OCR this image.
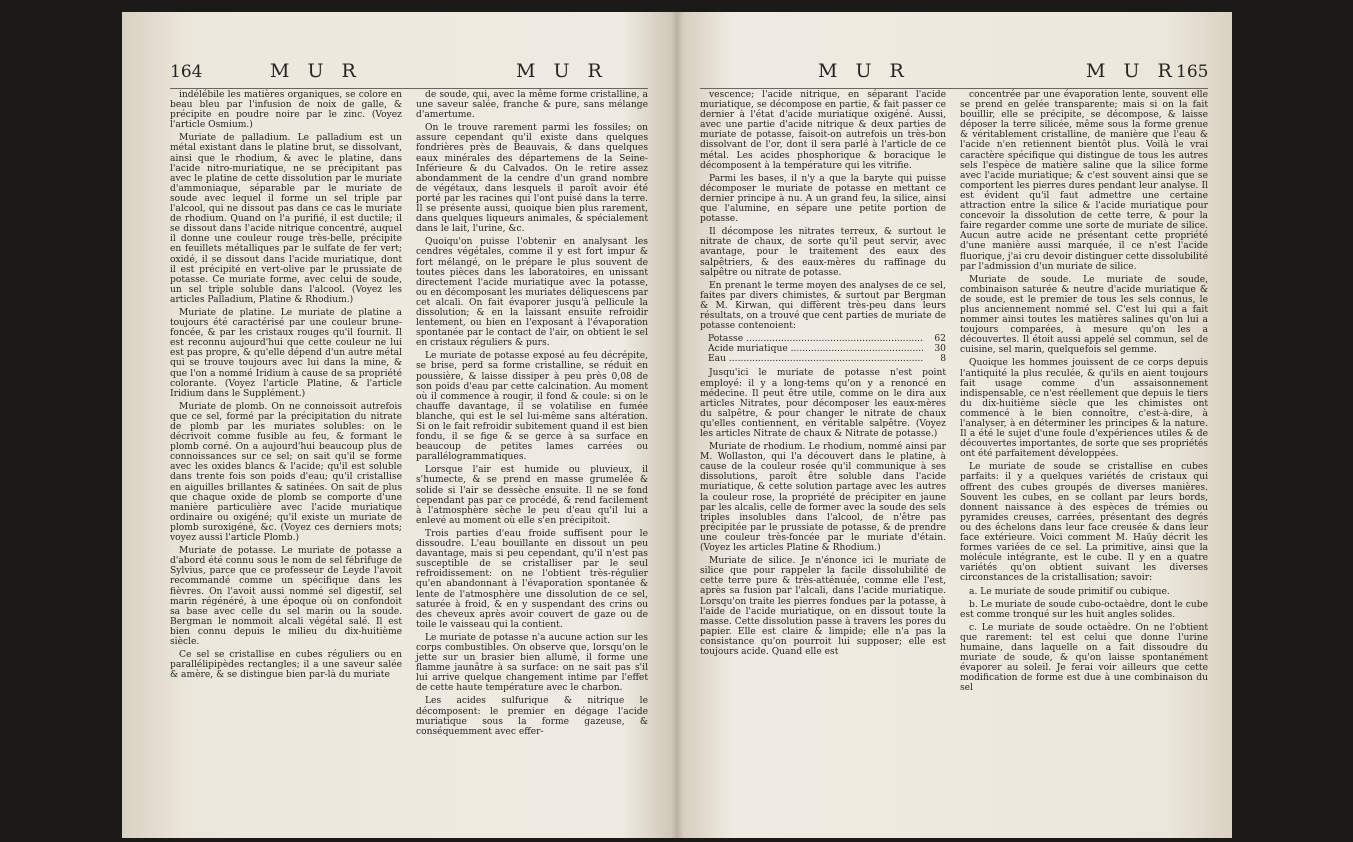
164	M U R	M U R

indélébile les matières organiques, se colore en beau bleu par l'infusion de noix de galle, & précipite en poudre noire par le zinc. (Voyez l'article Osmium.)

Muriate de palladium. Le palladium est un métal existant dans le platine brut, se dissolvant, ainsi que le rhodium, & avec le platine, dans l'acide nitro-muriatique, ne se précipitant pas avec le platine de cette dissolution par le muriate d'ammoniaque, séparable par le muriate de soude avec lequel il forme un sel triple par l'alcool, qui ne dissout pas dans ce cas le muriate de rhodium. Quand on l'a purifié, il est ductile; il se dissout dans l'acide nitrique concentré, auquel il donne une couleur rouge très-belle, précipite en feuillets métalliques par le sulfate de fer vert; oxidé, il se dissout dans l'acide muriatique, dont il est précipité en vert-olive par le prussiate de potasse. Ce muriate forme, avec celui de soude, un sel triple soluble dans l'alcool. (Voyez les articles Palladium, Platine & Rhodium.)

Muriate de platine. Le muriate de platine a toujours été caractérisé par une couleur brune-foncée, & par les cristaux rouges qu'il fournit. Il est reconnu aujourd'hui que cette couleur ne lui est pas propre, & qu'elle dépend d'un autre métal qui se trouve toujours avec lui dans la mine, & que l'on a nommé Iridium à cause de sa propriété colorante. (Voyez l'article Platine, & l'article Iridium dans le Supplément.)

Muriate de plomb. On ne connoissoit autrefois que ce sel, formé par la précipitation du nitrate de plomb par les muriates solubles: on le décrivoit comme fusible au feu, & formant le plomb corné. On a aujourd'hui beaucoup plus de connoissances sur ce sel; on sait qu'il se forme avec les oxides blancs & l'acide; qu'il est soluble dans trente fois son poids d'eau; qu'il cristallise en aiguilles brillantes & satinées. On sait de plus que chaque oxide de plomb se comporte d'une manière particulière avec l'acide muriatique ordinaire ou oxigéné; qu'il existe un muriate de plomb suroxigéné, &c. (Voyez ces derniers mots; voyez aussi l'article Plomb.)

Muriate de potasse. Le muriate de potasse a d'abord été connu sous le nom de sel fébrifuge de Sylvius, parce que ce professeur de Leyde l'avoit recommandé comme un spécifique dans les fièvres. On l'avoit aussi nommé sel digestif, sel marin régénéré, à une époque où on confondoit sa base avec celle du sel marin ou la soude. Bergman le nommoit alcali végétal salé. Il est bien connu depuis le milieu du dix-huitième siècle.

Ce sel se cristallise en cubes réguliers ou en parallélipipèdes rectangles; il a une saveur salée & amère, & se distingue bien par-là du muriate

de soude, qui, avec la même forme cristalline, a une saveur salée, franche & pure, sans mélange d'amertume.

On le trouve rarement parmi les fossiles; on assure cependant qu'il existe dans quelques fondrières près de Beauvais, & dans quelques eaux minérales des départemens de la Seine-Inférieure & du Calvados. On le retire assez abondamment de la cendre d'un grand nombre de végétaux, dans lesquels il paroît avoir été porté par les racines qui l'ont puisé dans la terre. Il se présente aussi, quoique bien plus rarement, dans quelques liqueurs animales, & spécialement dans le lait, l'urine, &c.

Quoiqu'on puisse l'obtenir en analysant les cendres végétales, comme il y est fort impur & fort mélangé, on le prépare le plus souvent de toutes pièces dans les laboratoires, en unissant directement l'acide muriatique avec la potasse, ou en décomposant les muriates déliquescens par cet alcali. On fait évaporer jusqu'à pellicule la dissolution; & en la laissant ensuite refroidir lentement, ou bien en l'exposant à l'évaporation spontanée par le contact de l'air, on obtient le sel en cristaux réguliers & purs.

Le muriate de potasse exposé au feu décrépite, se brise, perd sa forme cristalline, se réduit en poussière, & laisse dissiper à peu près 0,08 de son poids d'eau par cette calcination. Au moment où il commence à rougir, il fond & coule: si on le chauffe davantage, il se volatilise en fumée blanche, qui est le sel lui-même sans altération. Si on le fait refroidir subitement quand il est bien fondu, il se fige & se gerce à sa surface en beaucoup de petites lames carrées ou parallélogrammatiques.

Lorsque l'air est humide ou pluvieux, il s'humecte, & se prend en masse grumelée & solide si l'air se dessèche ensuite. Il ne se fond cependant pas par ce procédé, & rend facilement à l'atmosphère sèche le peu d'eau qu'il lui a enlevé au moment où elle s'en précipitoit.

Trois parties d'eau froide suffisent pour le dissoudre. L'eau bouillante en dissout un peu davantage, mais si peu cependant, qu'il n'est pas susceptible de se cristalliser par le seul refroidissement: on ne l'obtient très-régulier qu'en abandonnant à l'évaporation spontanée & lente de l'atmosphère une dissolution de ce sel, saturée à froid, & en y suspendant des crins ou des cheveux après avoir couvert de gaze ou de toile le vaisseau qui la contient.

Le muriate de potasse n'a aucune action sur les corps combustibles. On observe que, lorsqu'on le jette sur un brasier bien allumé, il forme une flamme jaunâtre à sa surface: on ne sait pas s'il lui arrive quelque changement intime par l'effet de cette haute température avec le charbon.

Les acides sulfurique & nitrique le décomposent: le premier en dégage l'acide muriatique sous la forme gazeuse, & conséquemment avec effer-

M U R	M U R
165

vescence; l'acide nitrique, en séparant l'acide muriatique, se décompose en partie, & fait passer ce dernier à l'état d'acide muriatique oxigéné. Aussi, avec une partie d'acide nitrique & deux parties de muriate de potasse, faisoit-on autrefois un très-bon dissolvant de l'or, dont il sera parlé à l'article de ce métal. Les acides phosphorique & boracique le décomposent à la température qui les vitrifie.

Parmi les bases, il n'y a que la baryte qui puisse décomposer le muriate de potasse en mettant ce dernier principe à nu. A un grand feu, la silice, ainsi que l'alumine, en sépare une petite portion de potasse.

Il décompose les nitrates terreux, & surtout le nitrate de chaux, de sorte qu'il peut servir, avec avantage, pour le traitement des eaux des salpêtriers, & des eaux-mères du raffinage du salpêtre ou nitrate de potasse.

En prenant le terme moyen des analyses de ce sel, faites par divers chimistes, & surtout par Bergman & M. Kirwan, qui diffèrent très-peu dans leurs résultats, on a trouvé que cent parties de muriate de potasse contenoient:

Potasse .....	62
Acide muriatique .....	30
Eau .....	8

Jusqu'ici le muriate de potasse n'est point employé: il y a long-tems qu'on y a renoncé en médecine. Il peut être utile, comme on le dira aux articles Nitrates, pour décomposer les eaux-mères du salpêtre, & pour changer le nitrate de chaux qu'elles contiennent, en véritable salpêtre. (Voyez les articles Nitrate de chaux & Nitrate de potasse.)

Muriate de rhodium. Le rhodium, nommé ainsi par M. Wollaston, qui l'a découvert dans le platine, à cause de la couleur rosée qu'il communique à ses dissolutions, paroît être soluble dans l'acide muriatique, & cette solution partage avec les autres la couleur rose, la propriété de précipiter en jaune par les alcalis, celle de former avec la soude des sels triples insolubles dans l'alcool, de n'être pas précipitée par le prussiate de potasse, & de prendre une couleur très-foncée par le muriate d'étain. (Voyez les articles Platine & Rhodium.)

Muriate de silice. Je n'énonce ici le muriate de silice que pour rappeler la facile dissolubilité de cette terre pure & très-atténuée, comme elle l'est, après sa fusion par l'alcali, dans l'acide muriatique. Lorsqu'on traite les pierres fondues par la potasse, à l'aide de l'acide muriatique, on en dissout toute la masse. Cette dissolution passe à travers les pores du papier. Elle est claire & limpide; elle n'a pas la consistance qu'on pourroit lui supposer; elle est toujours acide. Quand elle est

concentrée par une évaporation lente, souvent elle se prend en gelée transparente; mais si on la fait bouillir, elle se précipite, se décompose, & laisse déposer la terre silicée, même sous la forme grenue & véritablement cristalline, de manière que l'eau & l'acide n'en retiennent bientôt plus. Voilà le vrai caractère spécifique qui distingue de tous les autres sels l'espèce de matière saline que la silice forme avec l'acide muriatique; & c'est souvent ainsi que se comportent les pierres dures pendant leur analyse. Il est évident qu'il faut admettre une certaine attraction entre la silice & l'acide muriatique pour concevoir la dissolution de cette terre, & pour la faire regarder comme une sorte de muriate de silice. Aucun autre acide ne présentant cette propriété d'une manière aussi marquée, il ce n'est l'acide fluorique, j'ai cru devoir distinguer cette dissolubilité par l'admission d'un muriate de silice.

Muriate de soude. Le muriate de soude, combinaison saturée & neutre d'acide muriatique & de soude, est le premier de tous les sels connus, le plus anciennement nommé sel. C'est lui qui a fait nommer ainsi toutes les matières salines qu'on lui a toujours comparées, à mesure qu'on les a découvertes. Il étoit aussi appelé sel commun, sel de cuisine, sel marin, quelquefois sel gemme.

Quoique les hommes jouissent de ce corps depuis l'antiquité la plus reculée, & qu'ils en aient toujours fait usage comme d'un assaisonnement indispensable, ce n'est réellement que depuis le tiers du dix-huitième siècle que les chimistes ont commencé à le bien connoître, c'est-à-dire, à l'analyser, à en déterminer les principes & la nature. Il a été le sujet d'une foule d'expériences utiles & de découvertes importantes, de sorte que ses propriétés ont été parfaitement développées.

Le muriate de soude se cristallise en cubes parfaits: il y a quelques variétés de cristaux qui offrent des cubes groupés de diverses manières. Souvent les cubes, en se collant par leurs bords, donnent naissance à des espèces de trémies ou pyramides creuses, carrées, présentant des degrés ou des échelons dans leur face creusée & dans leur face extérieure. Voici comment M. Haüy décrit les formes variées de ce sel. La primitive, ainsi que la molécule intégrante, est le cube. Il y en a quatre variétés qu'on obtient suivant les diverses circonstances de la cristallisation; savoir:

a. Le muriate de soude primitif ou cubique.

b. Le muriate de soude cubo-octaèdre, dont le cube est comme tronqué sur les huit angles solides.

c. Le muriate de soude octaèdre. On ne l'obtient que rarement: tel est celui que donne l'urine humaine, dans laquelle on a fait dissoudre du muriate de soude, & qu'on laisse spontanément évaporer au soleil. Je ferai voir ailleurs que cette modification de forme est due à une combinaison du sel
